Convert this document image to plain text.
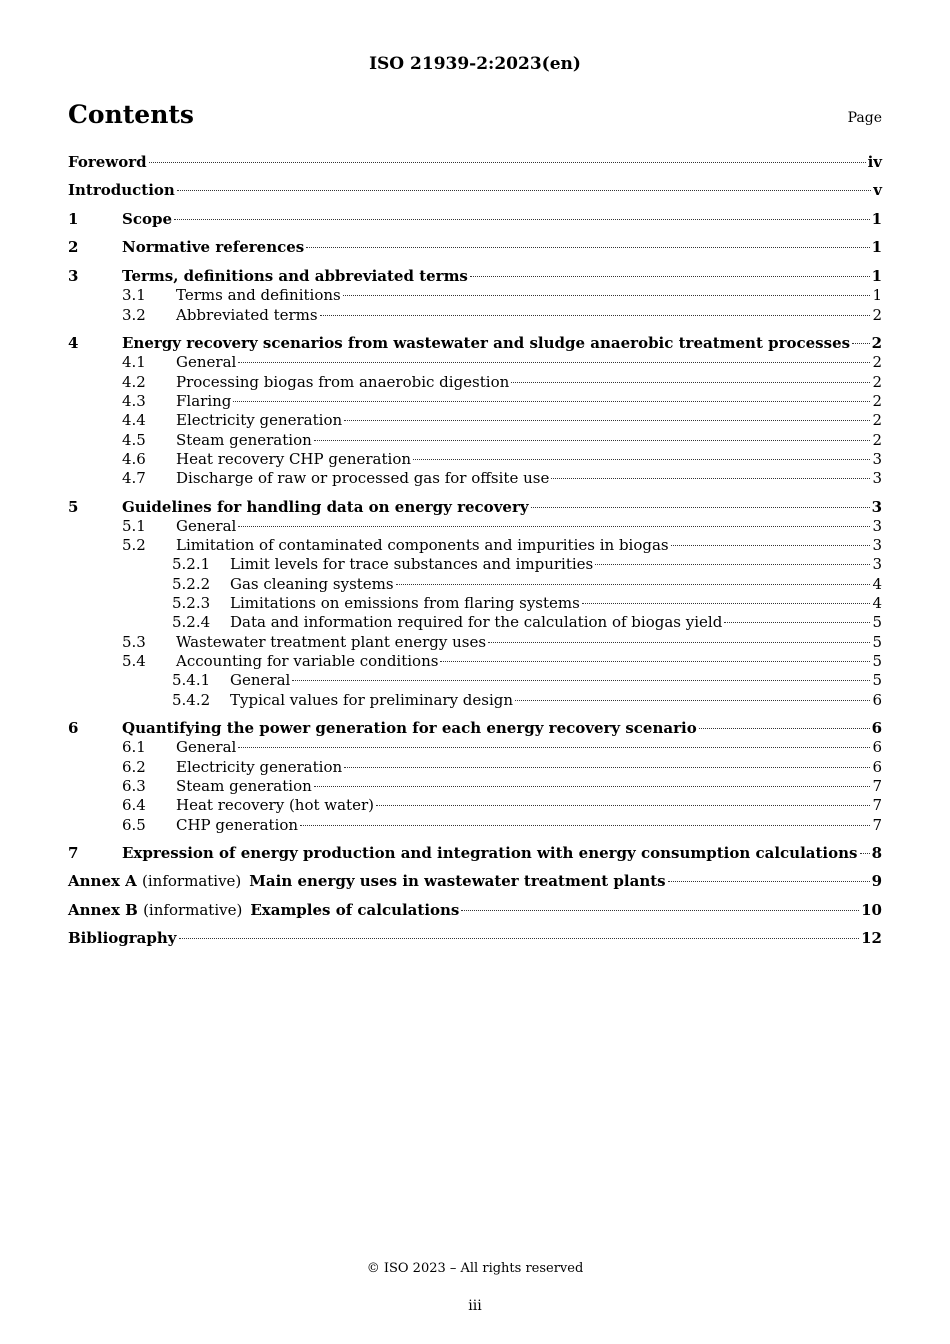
ISO 21939-2:2023(en)
Contents	Page
Foreword	iv
Introduction	v
1	Scope	1
2	Normative references	1
3	Terms, definitions and abbreviated terms	1
3.1	Terms and definitions	1
3.2	Abbreviated terms	2
4	Energy recovery scenarios from wastewater and sludge anaerobic treatment processes 2
4.1	General	2
4.2	Processing biogas from anaerobic digestion	2
4.3	Flaring	2
4.4	Electricity generation	2
4.5	Steam generation	2
4.6	Heat recovery CHP generation	3
4.7	Discharge of raw or processed gas for offsite use	3
5	Guidelines for handling data on energy recovery	3
5.1	General	3
5.2	Limitation of contaminated components and impurities in biogas	3
5.2.1	Limit levels for trace substances and impurities	3
5.2.2	Gas cleaning systems	4
5.2.3	Limitations on emissions from flaring systems	4
5.2.4	Data and information required for the calculation of biogas yield	5
5.3	Wastewater treatment plant energy uses	5
5.4	Accounting for variable conditions	5
5.4.1	General	5
5.4.2	Typical values for preliminary design	6
6	Quantifying the power generation for each energy recovery scenario	6
6.1	General	6
6.2	Electricity generation	6
6.3	Steam generation	7
6.4	Heat recovery (hot water)	7
6.5	CHP generation	7
7	Expression of energy production and integration with energy consumption calculations 8
Annex A (informative) Main energy uses in wastewater treatment plants	9
Annex B (informative) Examples of calculations	10
Bibliography	12
© ISO 2023 – All rights reserved
iii
